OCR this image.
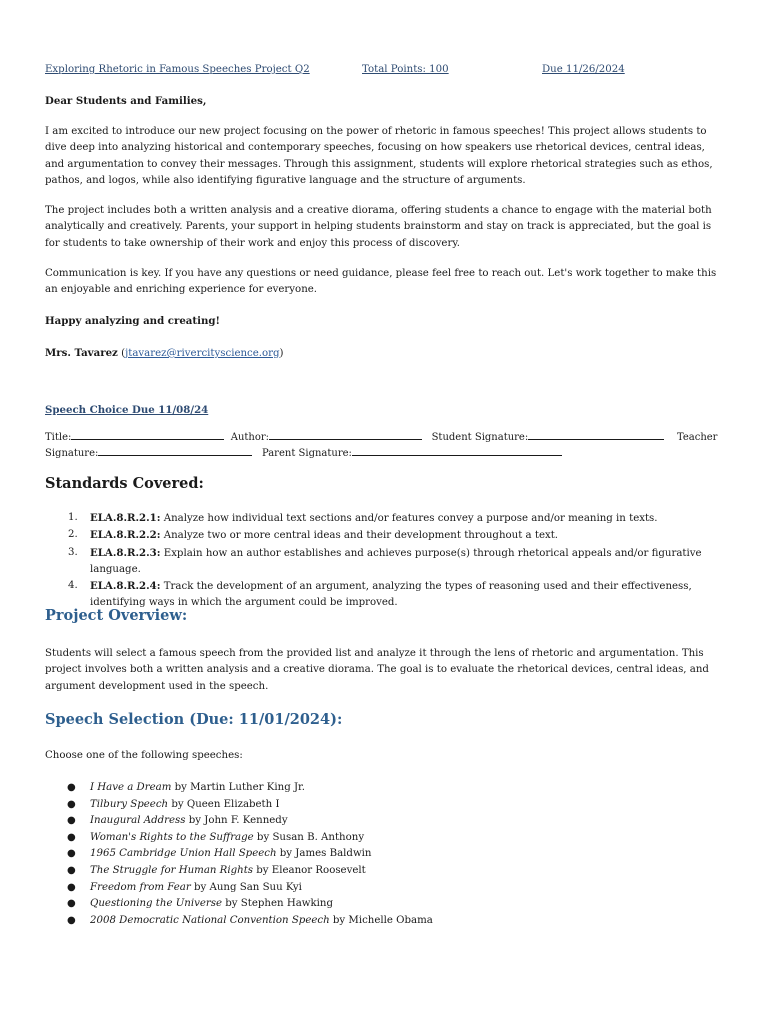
Exploring Rhetoric in Famous Speeches Project Q2	Total Points: 100	Due 11/26/2024

Dear Students and Families,

I am excited to introduce our new project focusing on the power of rhetoric in famous speeches! This project allows students to dive deep into analyzing historical and contemporary speeches, focusing on how speakers use rhetorical devices, central ideas, and argumentation to convey their messages. Through this assignment, students will explore rhetorical strategies such as ethos, pathos, and logos, while also identifying figurative language and the structure of arguments.

The project includes both a written analysis and a creative diorama, offering students a chance to engage with the material both analytically and creatively. Parents, your support in helping students brainstorm and stay on track is appreciated, but the goal is for students to take ownership of their work and enjoy this process of discovery.

Communication is key. If you have any questions or need guidance, please feel free to reach out. Let's work together to make this an enjoyable and enriching experience for everyone.

Happy analyzing and creating!

Mrs. Tavarez (jtavarez@rivercityscience.org)

Speech Choice Due 11/08/24

Title:	Author:	Student Signature:	Teacher
Signature:	Parent Signature:
Standards Covered:
1. ELA.8.R.2.1: Analyze how individual text sections and/or features convey a purpose and/or meaning in texts.
2. ELA.8.R.2.2: Analyze two or more central ideas and their development throughout a text.
3. ELA.8.R.2.3: Explain how an author establishes and achieves purpose(s) through rhetorical appeals and/or figurative language.
4. ELA.8.R.2.4: Track the development of an argument, analyzing the types of reasoning used and their effectiveness, identifying ways in which the argument could be improved.
Project Overview:

Students will select a famous speech from the provided list and analyze it through the lens of rhetoric and argumentation. This project involves both a written analysis and a creative diorama. The goal is to evaluate the rhetorical devices, central ideas, and argument development used in the speech.

Speech Selection (Due: 11/01/2024):

Choose one of the following speeches:

● I Have a Dream by Martin Luther King Jr.
● Tilbury Speech by Queen Elizabeth I
● Inaugural Address by John F. Kennedy
● Woman's Rights to the Suffrage by Susan B. Anthony
● 1965 Cambridge Union Hall Speech by James Baldwin
● The Struggle for Human Rights by Eleanor Roosevelt
● Freedom from Fear by Aung San Suu Kyi
● Questioning the Universe by Stephen Hawking
● 2008 Democratic National Convention Speech by Michelle Obama
